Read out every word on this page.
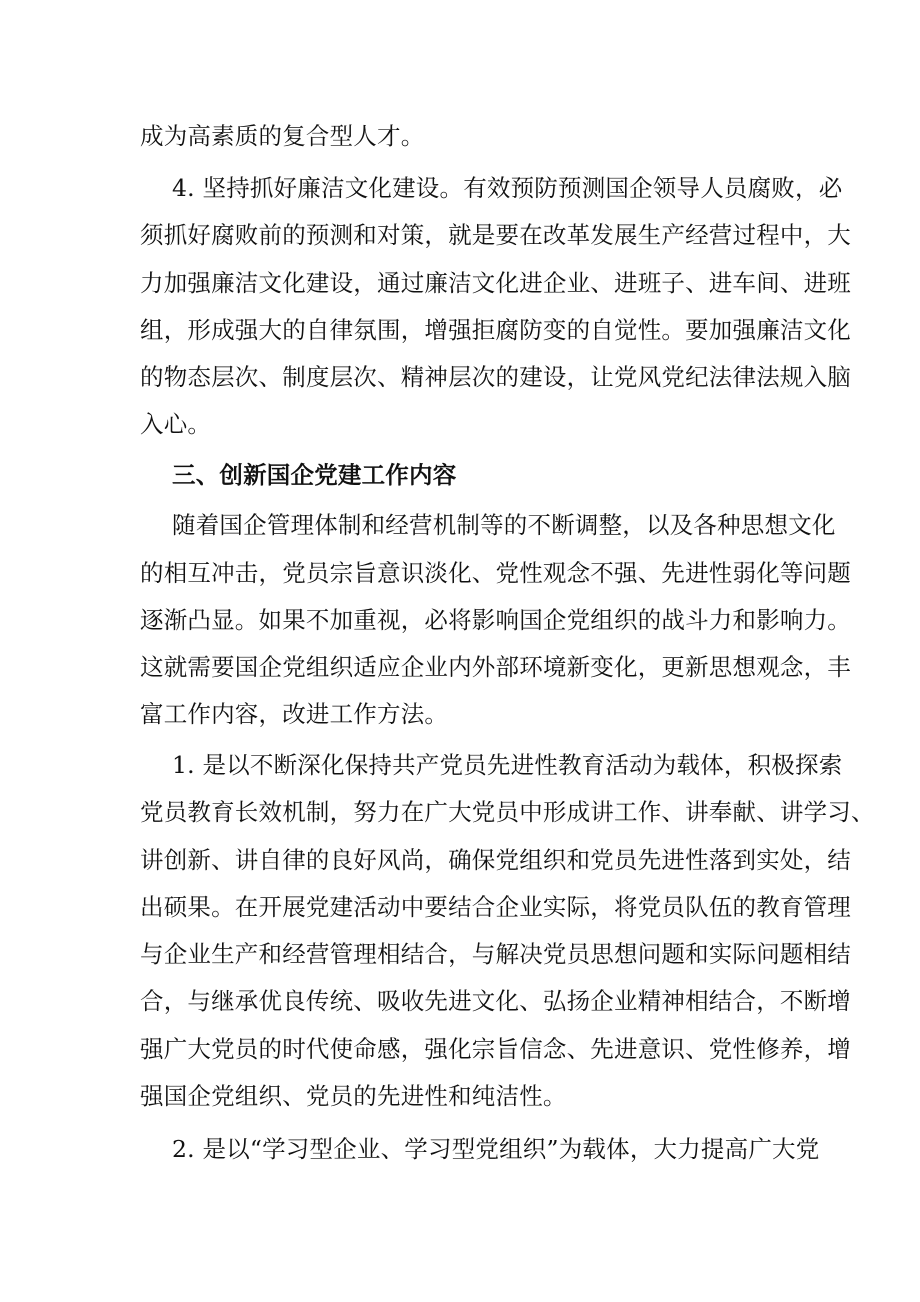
成为高素质的复合型人才。
4. 坚持抓好廉洁文化建设。有效预防预测国企领导人员腐败，必
须抓好腐败前的预测和对策，就是要在改革发展生产经营过程中，大
力加强廉洁文化建设，通过廉洁文化进企业、进班子、进车间、进班
组，形成强大的自律氛围，增强拒腐防变的自觉性。要加强廉洁文化
的物态层次、制度层次、精神层次的建设，让党风党纪法律法规入脑
入心。
三、创新国企党建工作内容
随着国企管理体制和经营机制等的不断调整，以及各种思想文化
的相互冲击，党员宗旨意识淡化、党性观念不强、先进性弱化等问题
逐渐凸显。如果不加重视，必将影响国企党组织的战斗力和影响力。
这就需要国企党组织适应企业内外部环境新变化，更新思想观念，丰
富工作内容，改进工作方法。
1. 是以不断深化保持共产党员先进性教育活动为载体，积极探索
党员教育长效机制，努力在广大党员中形成讲工作、讲奉献、讲学习、
讲创新、讲自律的良好风尚，确保党组织和党员先进性落到实处，结
出硕果。在开展党建活动中要结合企业实际，将党员队伍的教育管理
与企业生产和经营管理相结合，与解决党员思想问题和实际问题相结
合，与继承优良传统、吸收先进文化、弘扬企业精神相结合，不断增
强广大党员的时代使命感，强化宗旨信念、先进意识、党性修养，增
强国企党组织、党员的先进性和纯洁性。
2. 是以“学习型企业、学习型党组织”为载体，大力提高广大党
